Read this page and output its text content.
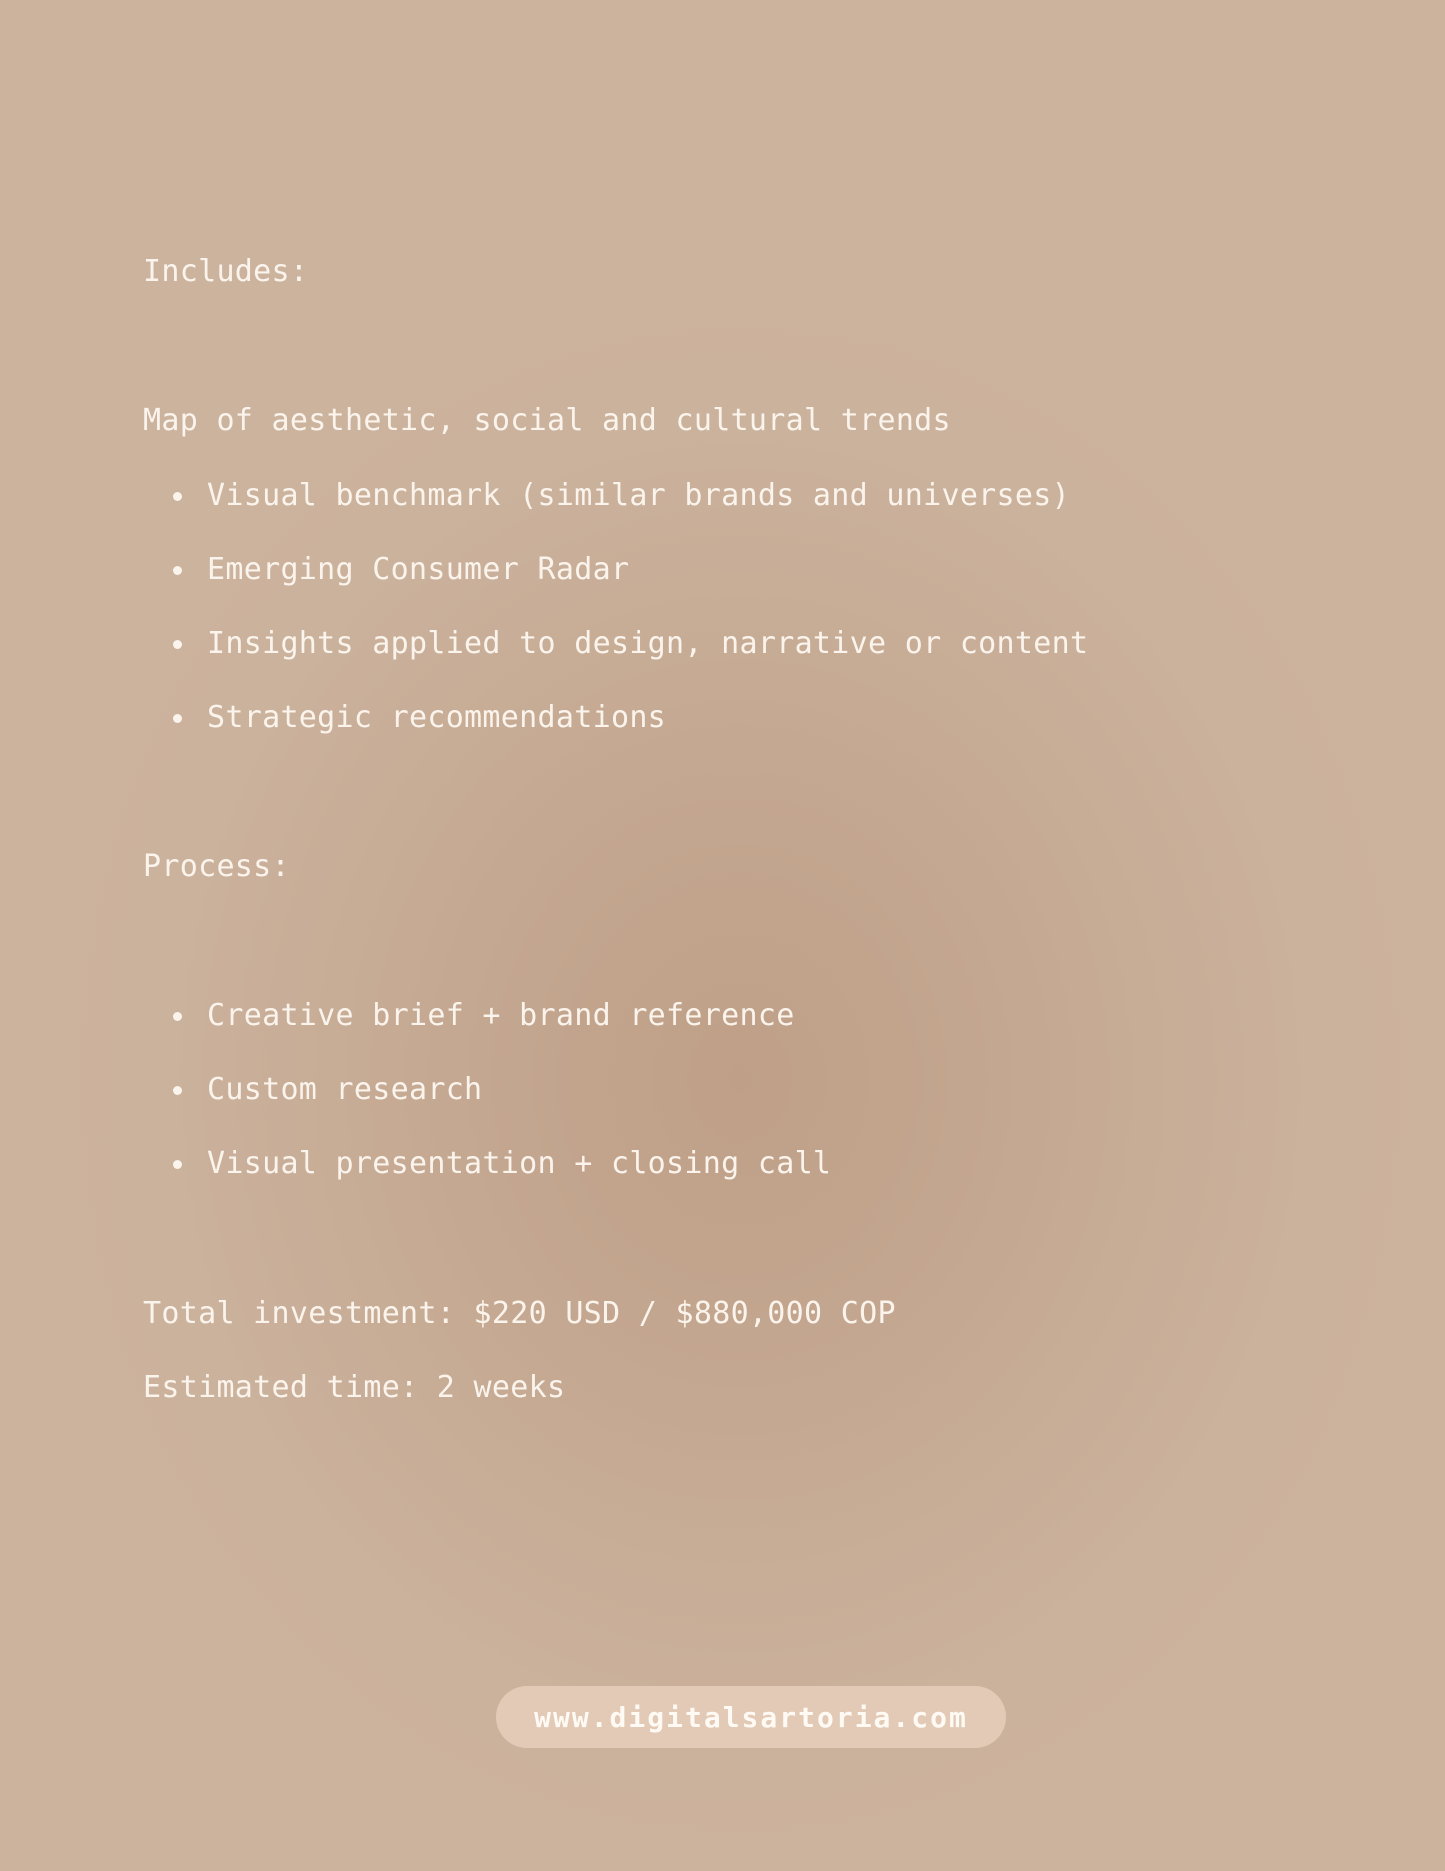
Includes:
Map of aesthetic, social and cultural trends
Visual benchmark (similar brands and universes)
Emerging Consumer Radar
Insights applied to design, narrative or content
Strategic recommendations
Process:
Creative brief + brand reference
Custom research
Visual presentation + closing call
Total investment: $220 USD / $880,000 COP
Estimated time: 2 weeks
www.digitalsartoria.com
